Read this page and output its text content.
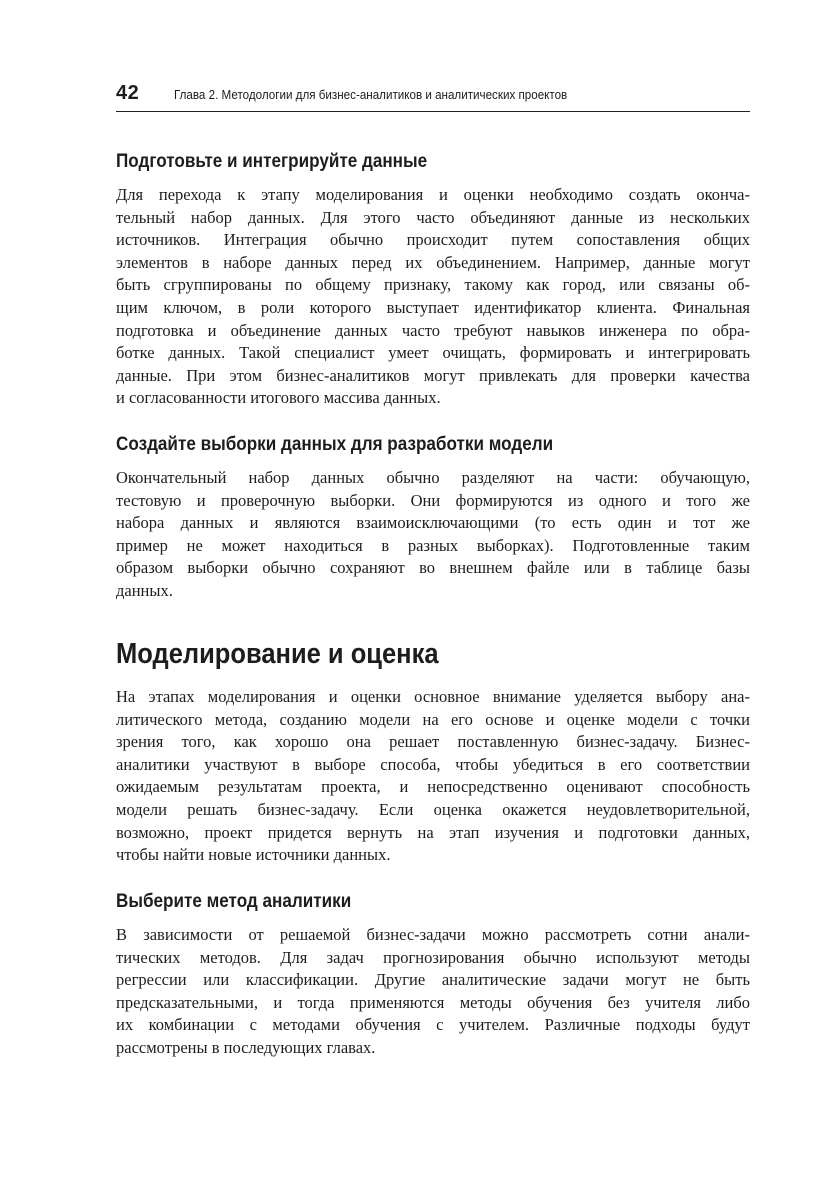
42	Глава 2. Методологии для бизнес-аналитиков и аналитических проектов
Подготовьте и интегрируйте данные
Для перехода к этапу моделирования и оценки необходимо создать оконча-
тельный набор данных. Для этого часто объединяют данные из нескольких
источников. Интеграция обычно происходит путем сопоставления общих
элементов в наборе данных перед их объединением. Например, данные могут
быть сгруппированы по общему признаку, такому как город, или связаны об-
щим ключом, в роли которого выступает идентификатор клиента. Финальная
подготовка и объединение данных часто требуют навыков инженера по обра-
ботке данных. Такой специалист умеет очищать, формировать и интегрировать
данные. При этом бизнес-аналитиков могут привлекать для проверки качества
и согласованности итогового массива данных.
Создайте выборки данных для разработки модели
Окончательный набор данных обычно разделяют на части: обучающую,
тестовую и проверочную выборки. Они формируются из одного и того же
набора данных и являются взаимоисключающими (то есть один и тот же
пример не может находиться в разных выборках). Подготовленные таким
образом выборки обычно сохраняют во внешнем файле или в таблице базы
данных.
Моделирование и оценка
На этапах моделирования и оценки основное внимание уделяется выбору ана-
литического метода, созданию модели на его основе и оценке модели с точки
зрения того, как хорошо она решает поставленную бизнес-задачу. Бизнес-
аналитики участвуют в выборе способа, чтобы убедиться в его соответствии
ожидаемым результатам проекта, и непосредственно оценивают способность
модели решать бизнес-задачу. Если оценка окажется неудовлетворительной,
возможно, проект придется вернуть на этап изучения и подготовки данных,
чтобы найти новые источники данных.
Выберите метод аналитики
В зависимости от решаемой бизнес-задачи можно рассмотреть сотни анали-
тических методов. Для задач прогнозирования обычно используют методы
регрессии или классификации. Другие аналитические задачи могут не быть
предсказательными, и тогда применяются методы обучения без учителя либо
их комбинации с методами обучения с учителем. Различные подходы будут
рассмотрены в последующих главах.
